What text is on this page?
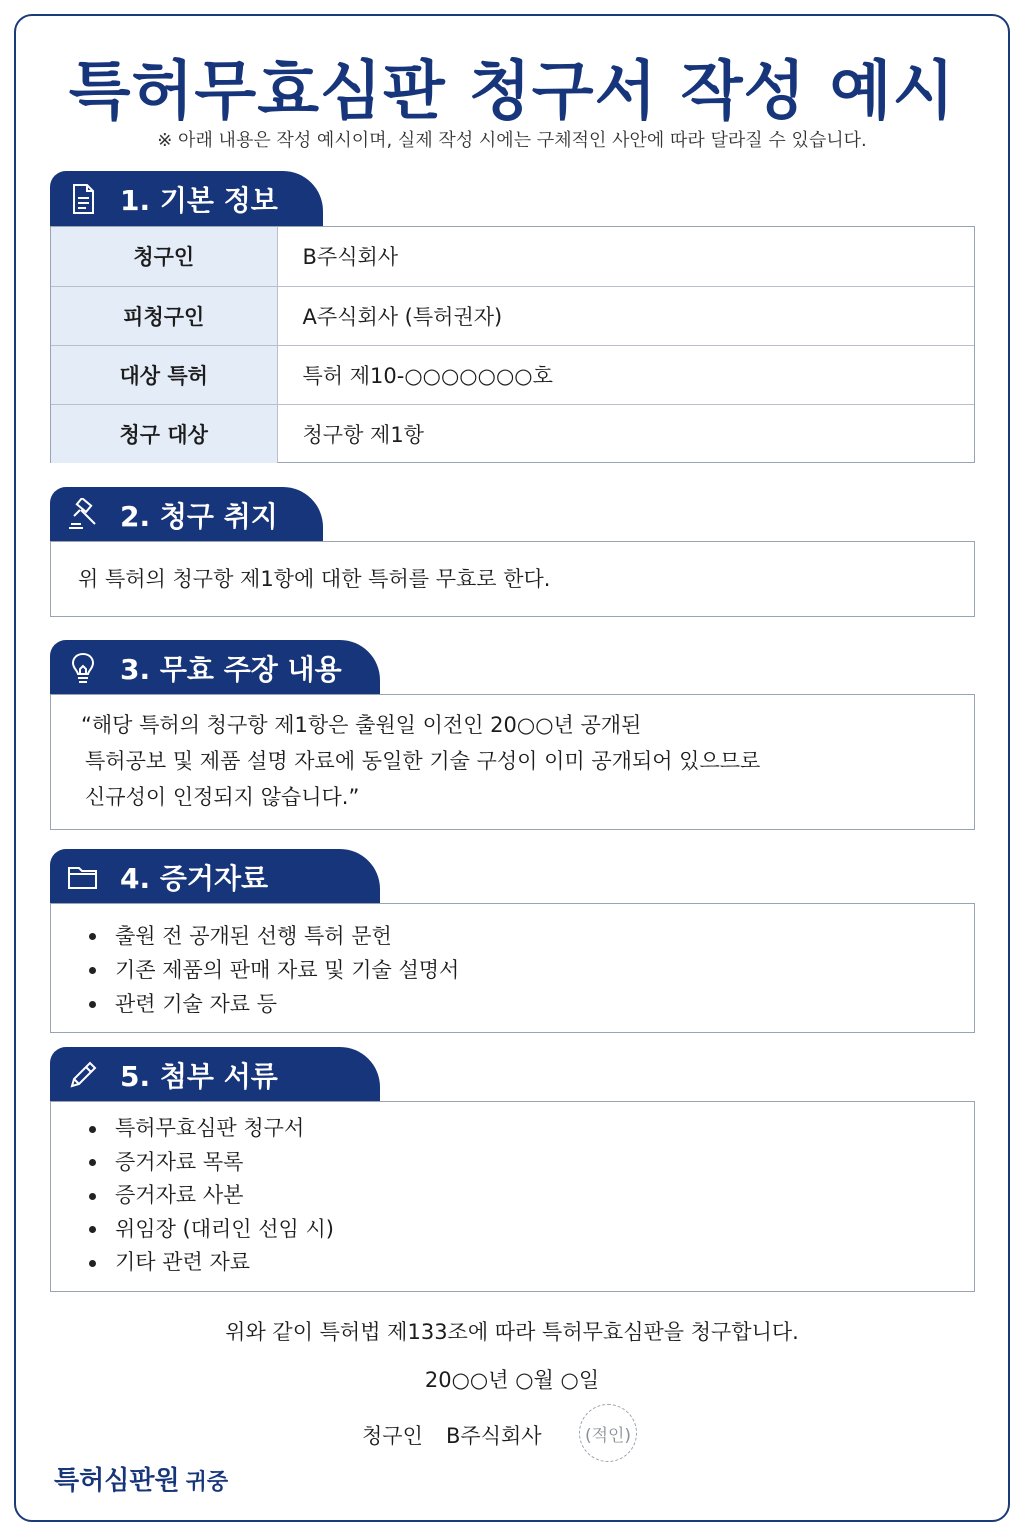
특허무효심판 청구서 작성 예시
※ 아래 내용은 작성 예시이며, 실제 작성 시에는 구체적인 사안에 따라 달라질 수 있습니다.
1. 기본 정보
청구인	B주식회사
피청구인	A주식회사 (특허권자)
대상 특허	특허 제10-○○○○○○○호
청구 대상	청구항 제1항
2. 청구 취지
위 특허의 청구항 제1항에 대한 특허를 무효로 한다.
3. 무효 주장 내용
“해당 특허의 청구항 제1항은 출원일 이전인 20○○년 공개된
특허공보 및 제품 설명 자료에 동일한 기술 구성이 이미 공개되어 있으므로
신규성이 인정되지 않습니다.”
4. 증거자료
출원 전 공개된 선행 특허 문헌
기존 제품의 판매 자료 및 기술 설명서
관련 기술 자료 등
5. 첨부 서류
특허무효심판 청구서
증거자료 목록
증거자료 사본
위임장 (대리인 선임 시)
기타 관련 자료
위와 같이 특허법 제133조에 따라 특허무효심판을 청구합니다.
20○○년 ○월 ○일
청구인 B주식회사	(적인)
특허심판원 귀중
